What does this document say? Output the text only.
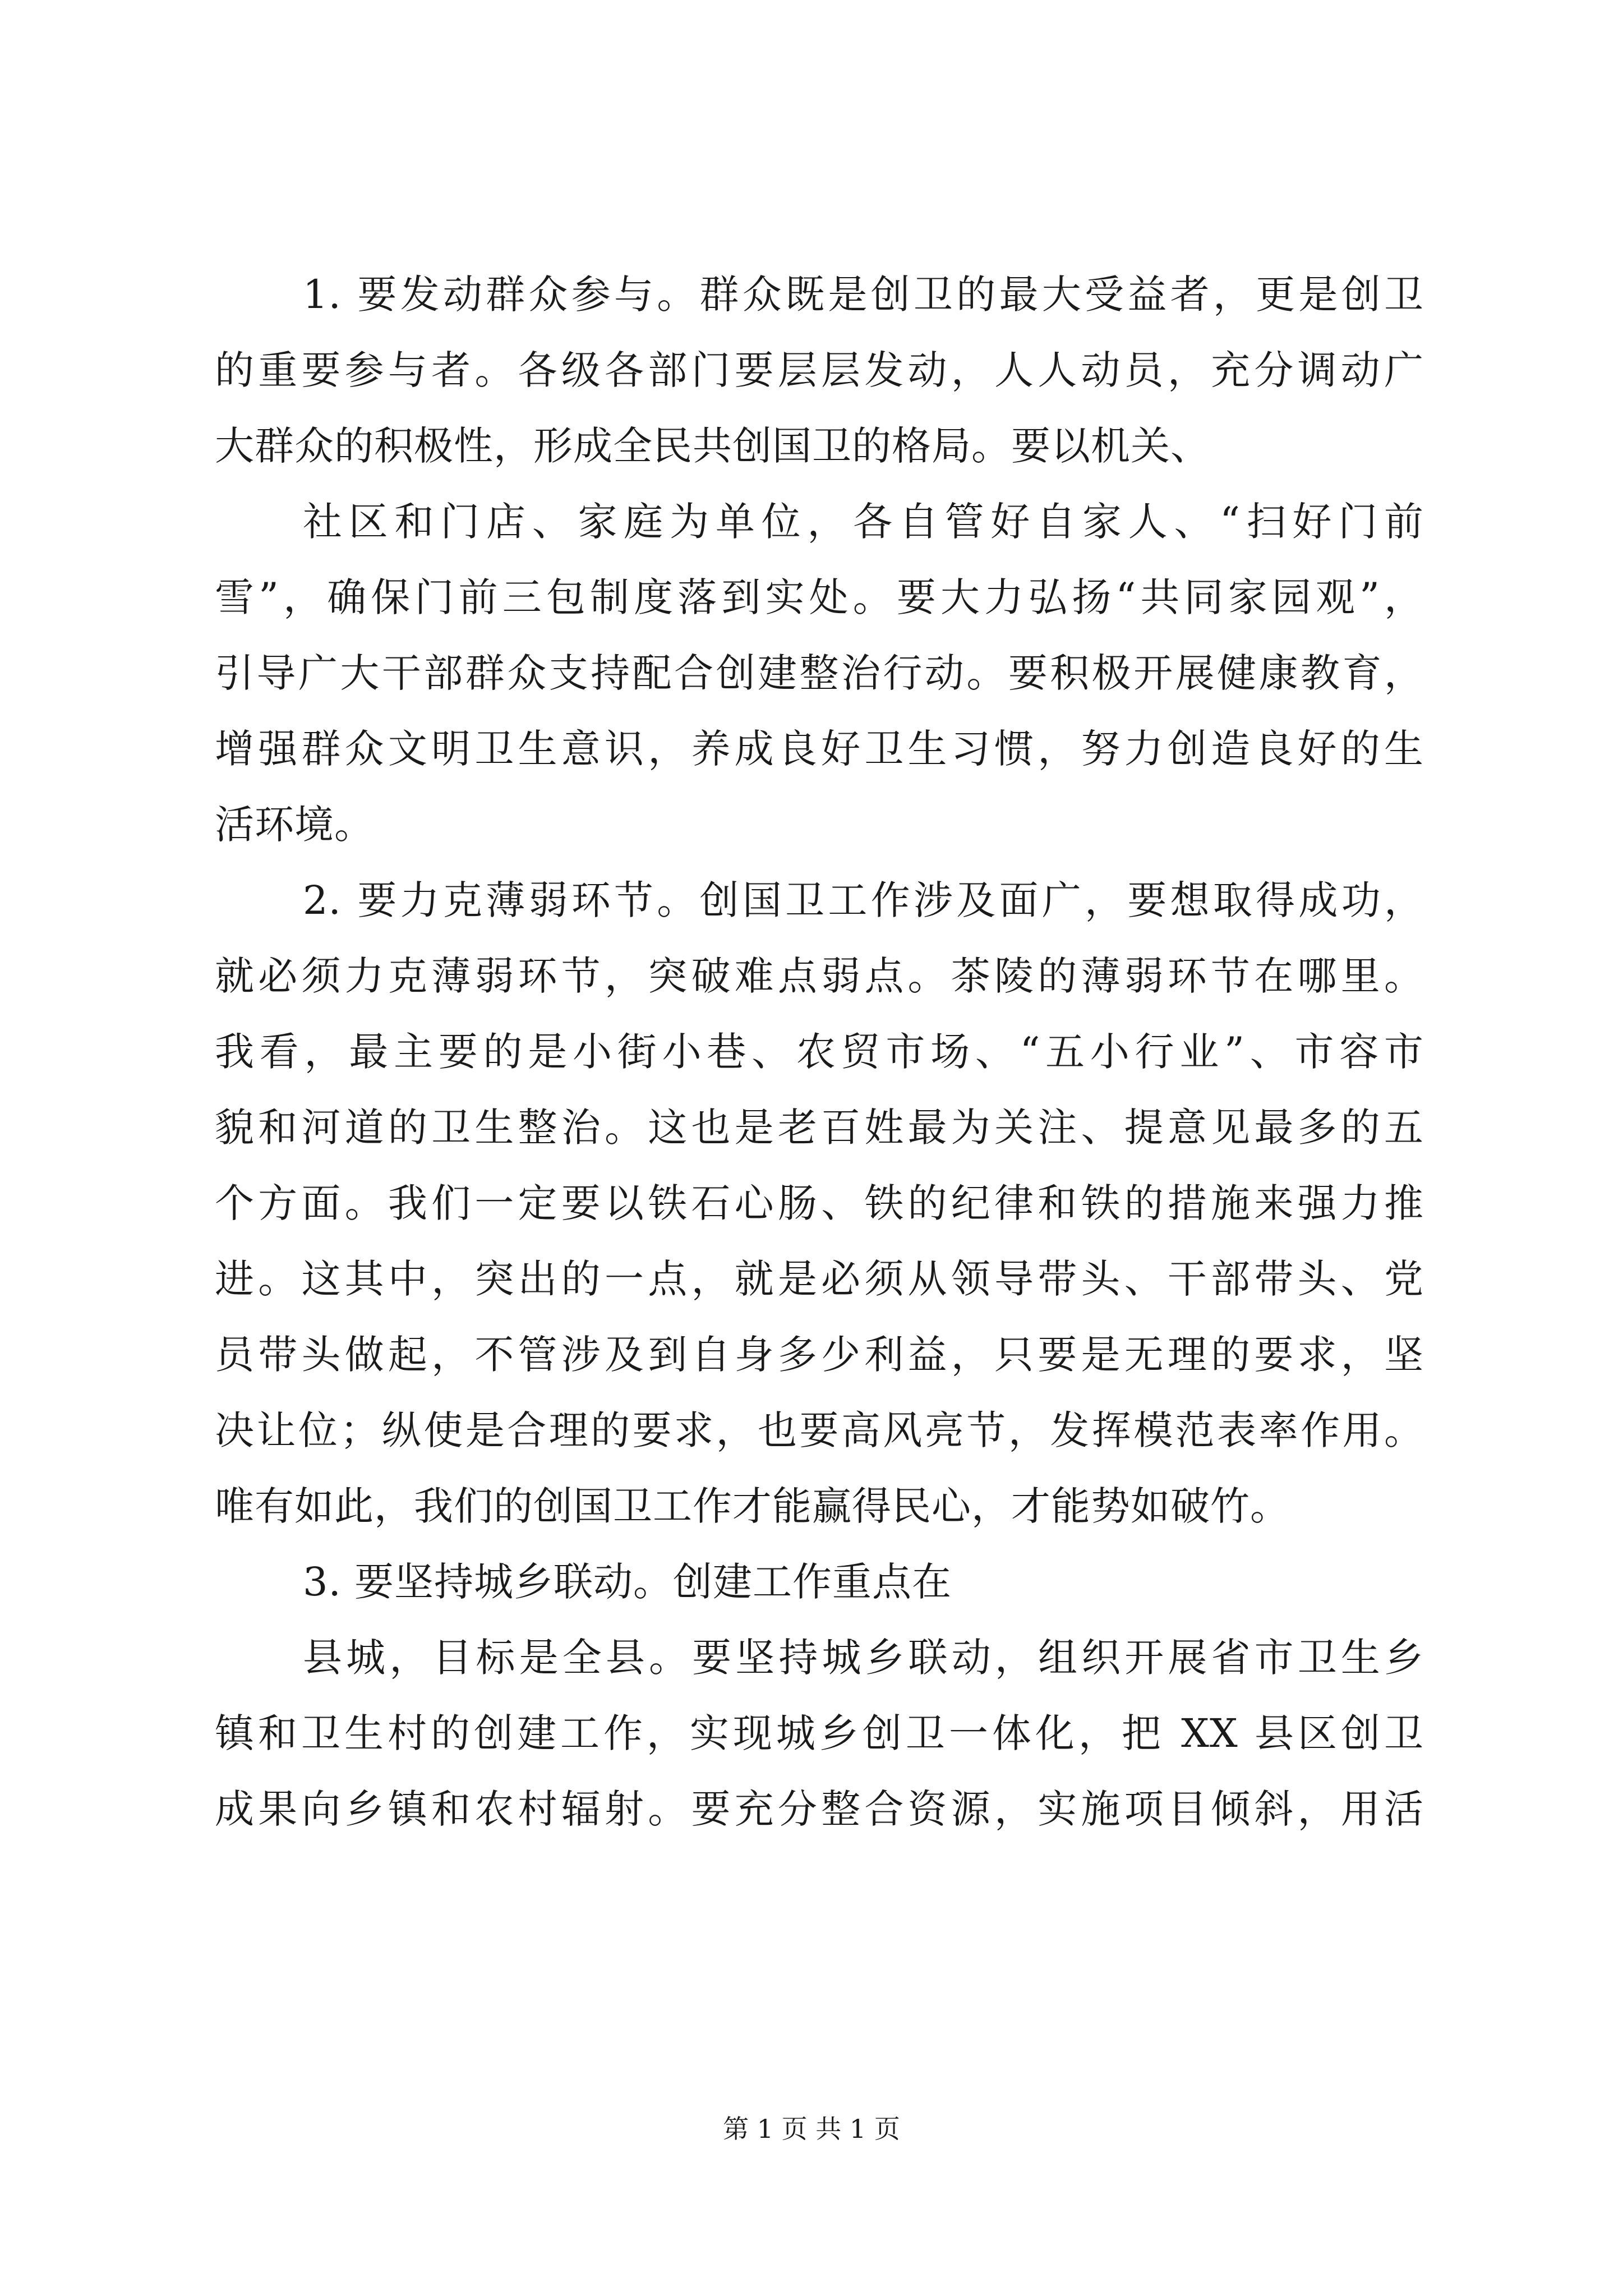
1. 要发动群众参与。群众既是创卫的最大受益者，更是创卫
的重要参与者。各级各部门要层层发动，人人动员，充分调动广
大群众的积极性，形成全民共创国卫的格局。要以机关、
社区和门店、家庭为单位，各自管好自家人、“扫好门前
雪”，确保门前三包制度落到实处。要大力弘扬“共同家园观”，
引导广大干部群众支持配合创建整治行动。要积极开展健康教育，
增强群众文明卫生意识，养成良好卫生习惯，努力创造良好的生
活环境。
2. 要力克薄弱环节。创国卫工作涉及面广，要想取得成功，
就必须力克薄弱环节，突破难点弱点。茶陵的薄弱环节在哪里。
我看，最主要的是小街小巷、农贸市场、“五小行业”、市容市
貌和河道的卫生整治。这也是老百姓最为关注、提意见最多的五
个方面。我们一定要以铁石心肠、铁的纪律和铁的措施来强力推
进。这其中，突出的一点，就是必须从领导带头、干部带头、党
员带头做起，不管涉及到自身多少利益，只要是无理的要求，坚
决让位；纵使是合理的要求，也要高风亮节，发挥模范表率作用。
唯有如此，我们的创国卫工作才能赢得民心，才能势如破竹。
3. 要坚持城乡联动。创建工作重点在
县城，目标是全县。要坚持城乡联动，组织开展省市卫生乡
镇和卫生村的创建工作，实现城乡创卫一体化，把 XX 县区创卫
成果向乡镇和农村辐射。要充分整合资源，实施项目倾斜，用活
第 1 页 共 1 页
